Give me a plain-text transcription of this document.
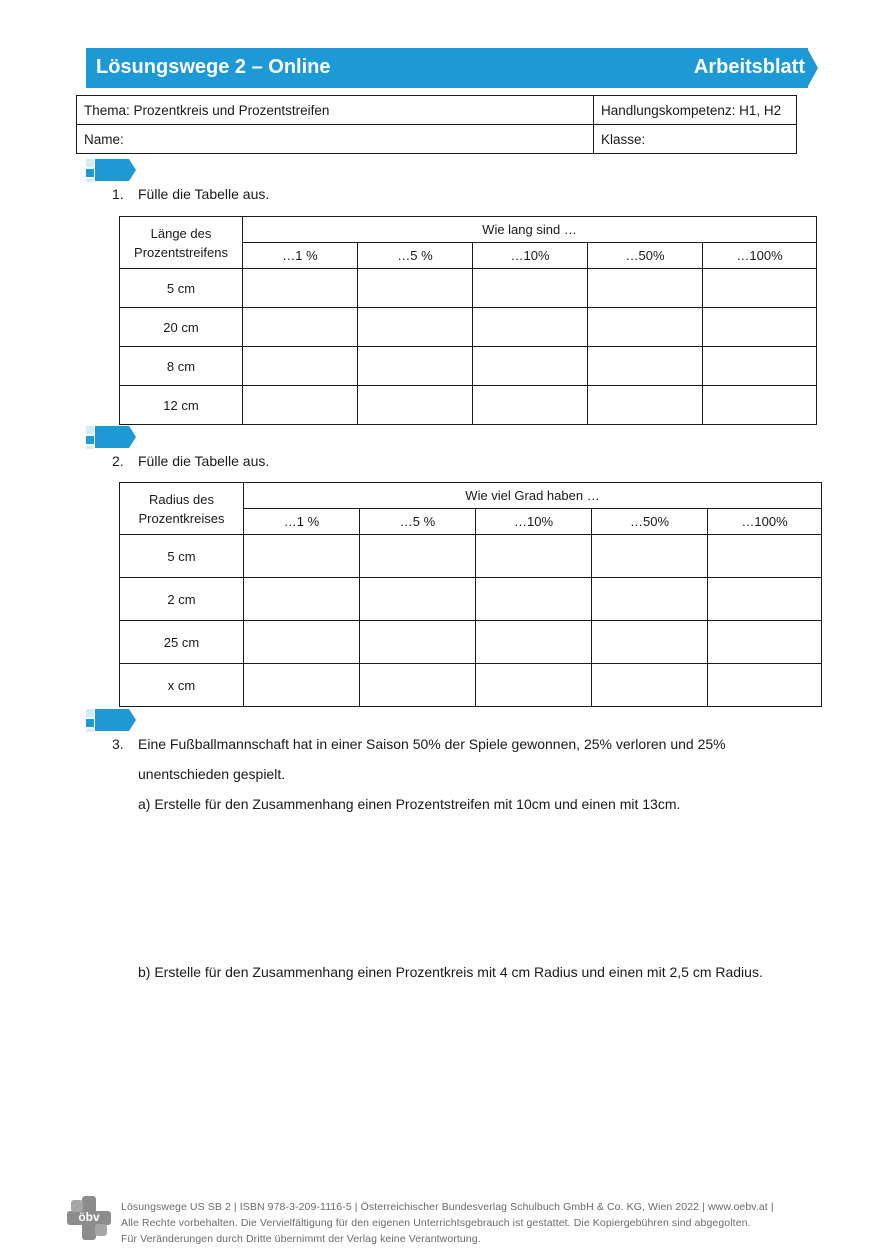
Lösungswege 2 – Online	Arbeitsblatt
Thema: Prozentkreis und Prozentstreifen	Handlungskompetenz: H1, H2
Name:	Klasse:
1. Fülle die Tabelle aus.
Länge des
Prozentstreifens	Wie lang sind …				
	…1 %	…5 %	…10%	…50%	…100%
5 cm					
20 cm					
8 cm					
12 cm					
2. Fülle die Tabelle aus.
Radius des
Prozentkreises	Wie viel Grad haben …				
	…1 %	…5 %	…10%	…50%	…100%
5 cm					
2 cm					
25 cm					
x cm					
3. Eine Fußballmannschaft hat in einer Saison 50% der Spiele gewonnen, 25% verloren und 25%
unentschieden gespielt.
a) Erstelle für den Zusammenhang einen Prozentstreifen mit 10cm und einen mit 13cm.
b) Erstelle für den Zusammenhang einen Prozentkreis mit 4 cm Radius und einen mit 2,5 cm Radius.
öbv
Lösungswege US SB 2 | ISBN 978-3-209-1116-5 | Österreichischer Bundesverlag Schulbuch GmbH & Co. KG, Wien 2022 | www.oebv.at |
Alle Rechte vorbehalten. Die Vervielfältigung für den eigenen Unterrichtsgebrauch ist gestattet. Die Kopiergebühren sind abgegolten.
Für Veränderungen durch Dritte übernimmt der Verlag keine Verantwortung.
